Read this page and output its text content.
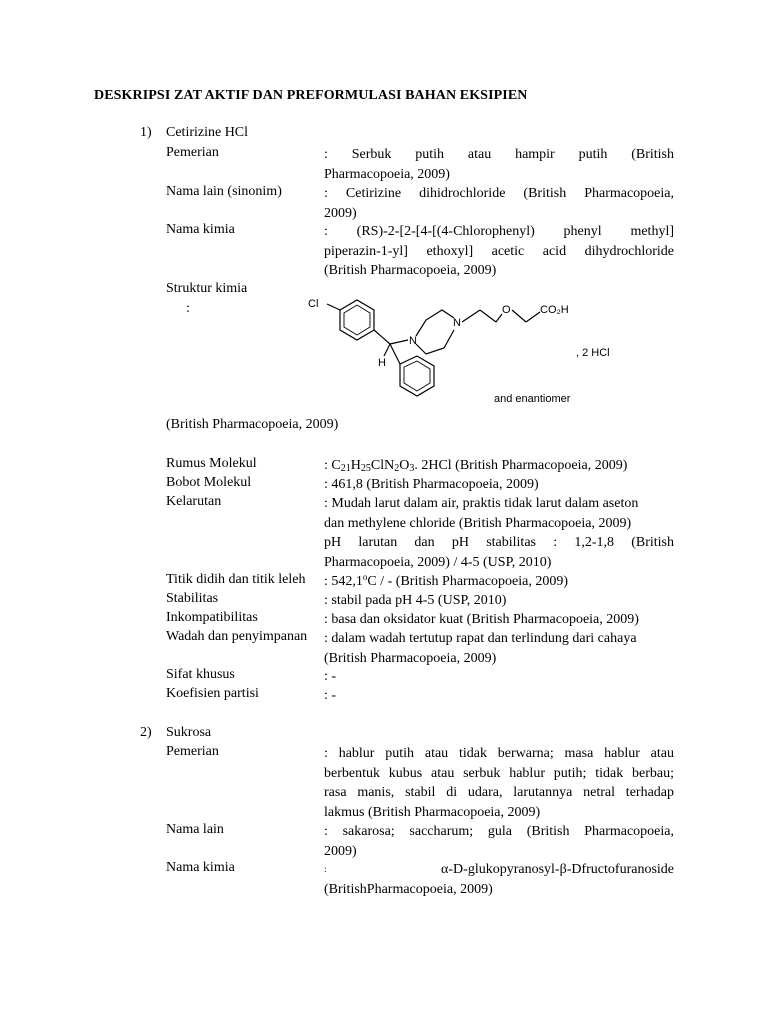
DESKRIPSI ZAT AKTIF DAN PREFORMULASI BAHAN EKSIPIEN
1) Cetirizine HCl
Pemerian	: Serbuk putih atau hampir putih (British
Pharmacopoeia, 2009)
Nama lain (sinonim)	: Cetirizine dihidrochloride (British Pharmacopoeia,
2009)
Nama kimia	: (RS)-2-[2-[4-[(4-Chlorophenyl) phenyl methyl]
piperazin-1-yl] ethoxyl] acetic acid dihydrochloride
(British Pharmacopoeia, 2009)
Struktur kimia
:	Cl
N
N
O
H
CO₂H
, 2 HCl
and enantiomer
(British Pharmacopoeia, 2009)
Rumus Molekul	: $C_{21}H_{25}ClN_2O_3$. 2HCl (British Pharmacopoeia, 2009)
Bobot Molekul	: 461,8 (British Pharmacopoeia, 2009)
Kelarutan	: Mudah larut dalam air, praktis tidak larut dalam aseton
dan methylene chloride (British Pharmacopoeia, 2009)
pH larutan dan pH stabilitas : 1,2-1,8 (British
Pharmacopoeia, 2009) / 4-5 (USP, 2010)
Titik didih dan titik leleh : 542,1$^o$C / - (British Pharmacopoeia, 2009)
Stabilitas	: stabil pada pH 4-5 (USP, 2010)
Inkompatibilitas	: basa dan oksidator kuat (British Pharmacopoeia, 2009)
Wadah dan penyimpanan : dalam wadah tertutup rapat dan terlindung dari cahaya
(British Pharmacopoeia, 2009)
Sifat khusus	: -
Koefisien partisi	: -
2) Sukrosa
Pemerian	: hablur putih atau tidak berwarna; masa hablur atau
berbentuk kubus atau serbuk hablur putih; tidak berbau;
rasa manis, stabil di udara, larutannya netral terhadap
lakmus (British Pharmacopoeia, 2009)
Nama lain	: sakarosa; saccharum; gula (British Pharmacopoeia,
2009)
Nama kimia	:	α-D-glukopyranosyl-β-Dfructofuranoside
(BritishPharmacopoeia, 2009)
